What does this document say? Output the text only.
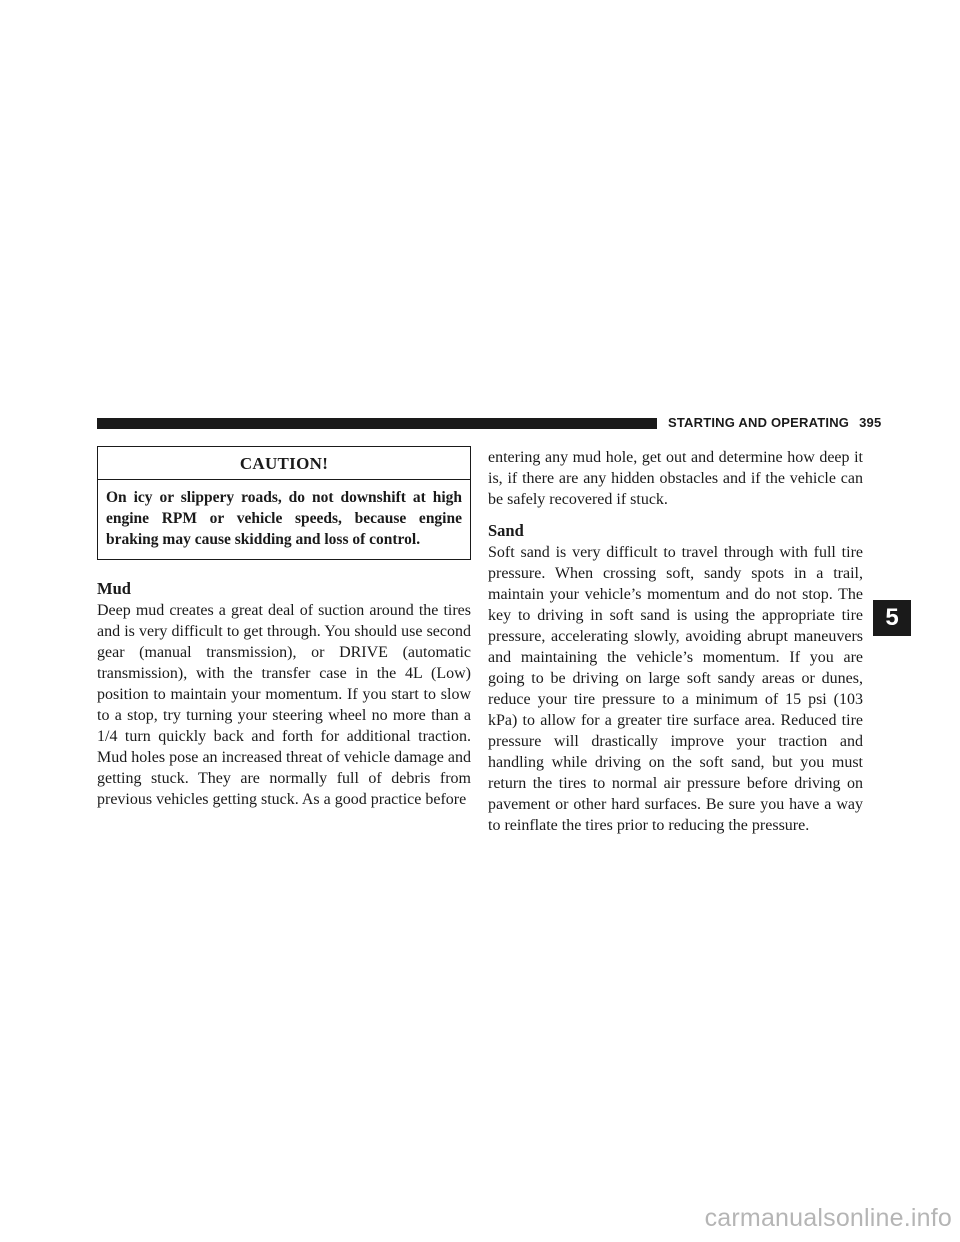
STARTING AND OPERATING 395
CAUTION!
On icy or slippery roads, do not downshift at high engine RPM or vehicle speeds, because engine braking may cause skidding and loss of control.
Mud

Deep mud creates a great deal of suction around the tires and is very difficult to get through. You should use second gear (manual transmission), or DRIVE (automatic transmission), with the transfer case in the 4L (Low) position to maintain your momentum. If you start to slow to a stop, try turning your steering wheel no more than a 1/4 turn quickly back and forth for additional traction. Mud holes pose an increased threat of vehicle damage and getting stuck. They are normally full of debris from previous vehicles getting stuck. As a good practice before

entering any mud hole, get out and determine how deep it is, if there are any hidden obstacles and if the vehicle can be safely recovered if stuck.

Sand

Soft sand is very difficult to travel through with full tire pressure. When crossing soft, sandy spots in a trail, maintain your vehicle’s momentum and do not stop. The key to driving in soft sand is using the appropriate tire pressure, accelerating slowly, avoiding abrupt maneuvers and maintaining the vehicle’s momentum. If you are going to be driving on large soft sandy areas or dunes, reduce your tire pressure to a minimum of 15 psi (103 kPa) to allow for a greater tire surface area. Reduced tire pressure will drastically improve your traction and handling while driving on the soft sand, but you must return the tires to normal air pressure before driving on pavement or other hard surfaces. Be sure you have a way to reinflate the tires prior to reducing the pressure.

5
carmanualsonline.info
